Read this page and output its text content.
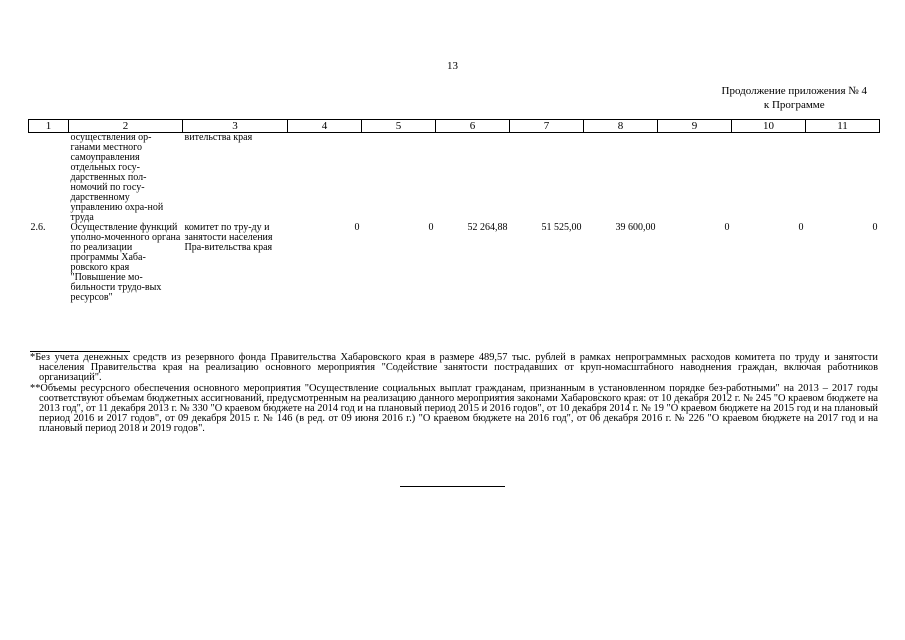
13
Продолжение приложения № 4
к Программе
1	2	3	4	5	6	7	8	9	10	11
	осуществления ор-ганами местного самоуправления отдельных госу-дарственных пол-номочий по госу-дарственному управлению охра-ной труда	вительства края								
2.6.	Осуществление функций уполно-моченного органа по реализации программы Хаба-ровского края "Повышение мо-бильности трудо-вых ресурсов"	комитет по тру-ду и занятости населения Пра-вительства края	0	0	52 264,88	51 525,00	39 600,00	0	0	0

*Без учета денежных средств из резервного фонда Правительства Хабаровского края в размере 489,57 тыс. рублей в рамках непрограммных расходов комитета по труду и занятости населения Правительства края на реализацию основного мероприятия "Содействие занятости пострадавших от круп-номасштабного наводнения граждан, включая работников организаций".

**Объемы ресурсного обеспечения основного мероприятия "Осуществление социальных выплат гражданам, признанным в установленном порядке без-работными" на 2013 – 2017 годы соответствуют объемам бюджетных ассигнований, предусмотренным на реализацию данного мероприятия законами Хабаровского края: от 10 декабря 2012 г. № 245 "О краевом бюджете на 2013 год", от 11 декабря 2013 г. № 330 "О краевом бюджете на 2014 год и на плановый период 2015 и 2016 годов", от 10 декабря 2014 г. № 19 "О краевом бюджете на 2015 год и на плановый период 2016 и 2017 годов", от 09 декабря 2015 г. № 146 (в ред. от 09 июня 2016 г.) "О краевом бюджете на 2016 год", от 06 декабря 2016 г. № 226 "О краевом бюджете на 2017 год и на плановый период 2018 и 2019 годов".
